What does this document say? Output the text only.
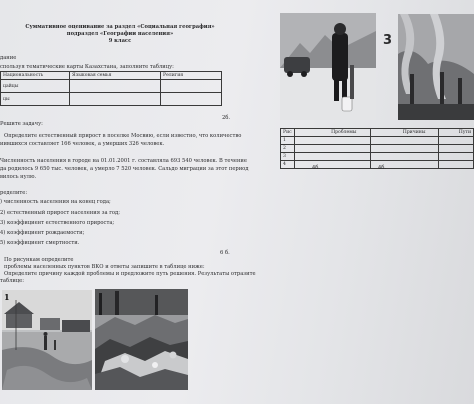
Суммативное оценивание за раздел «Социальная география»
подраздел «Географии населения»
9 класс
дание
спользуя тематические карты Казахстана, заполните таблицу:
Национальность	Языковая семья	Религия
цайцы		
цы		
2б.
Решите задачу:
Определите естественный прирост в поселке Мосвию, если известно, что количество
иившихся составляет 166 человек, а умерших 326 человек.
Численность населения в городе на 01.01.2001 г. составляла 693 540 человек. В течение
да родилось 9 650 тыс. человек, а умерло 7 520 человек. Сальдо миграции за этот период
вилось нулю.
ределите:
) численность населения на конец года;
2) естественный прирост населения за год;
3) коэффициент естественного прироста;
4) коэффициент рождаемости;
5) коэффициент смертности.
6 б.
По рисункам определите
проблемы населенных пунктов ВКО и ответы запишите в таблице ниже:
Определите причину каждой проблемы и предложите путь решения. Результаты отразите
таблице:
1
3
Рис	Проблемы	Причины	Пути
1			
2			
3			
4			
4б.	4б.
